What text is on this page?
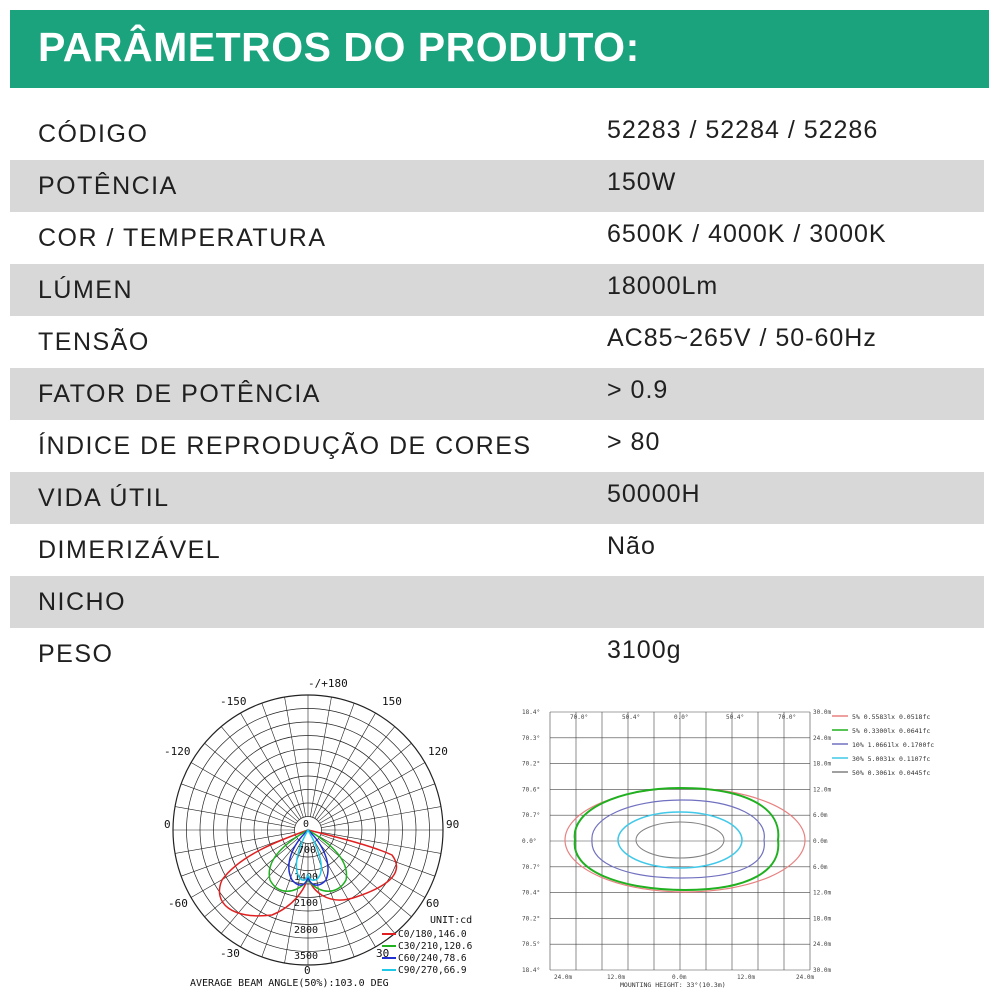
PARÂMETROS DO PRODUTO:
CÓDIGO	52283 / 52284 / 52286
POTÊNCIA	150W
COR / TEMPERATURA	6500K / 4000K / 3000K
LÚMEN	18000Lm
TENSÃO	AC85~265V / 50-60Hz
FATOR DE POTÊNCIA	> 0.9
ÍNDICE DE REPRODUÇÃO DE CORES	> 80
VIDA ÚTIL	50000H
DIMERIZÁVEL	Não
NICHO
PESO	3100g
-/+180
-150	150
-120	120
0	90
-60	60
-30	30
0
0
700
1400
2100
2800
3500
UNIT:cd
C0/180,146.0
C30/210,120.6
C60/240,78.6
C90/270,66.9
AVERAGE BEAM ANGLE(50%):103.0 DEG
18.4°
70.3°
70.2°
70.6°
70.7°
0.0°
70.7°
70.4°
70.2°
70.5°
18.4°
30.0m
24.0m
18.0m
12.0m
6.0m
0.0m
6.0m
12.0m
18.0m
24.0m
30.0m
70.0°	50.4°	0.0°	50.4°	70.0°
24.0m	12.0m	0.0m	12.0m	24.0m
5% 0.5583lx 0.0518fc
5% 0.3300lx 0.0641fc
10% 1.0661lx 0.1700fc
30% 5.0031x 0.1107fc
50% 0.3061x 0.0445fc
MOUNTING HEIGHT: 33°(10.3m)
